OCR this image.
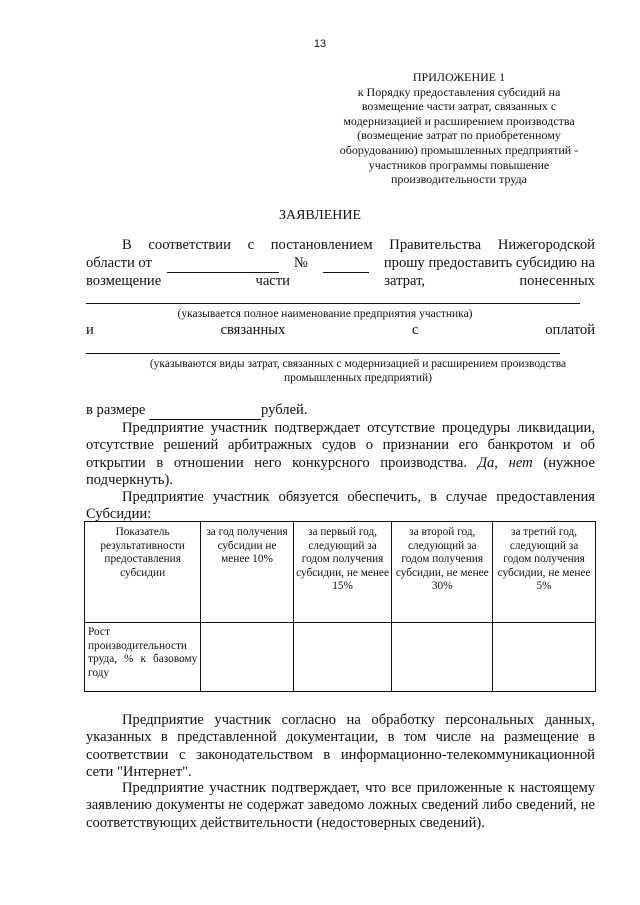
13
ПРИЛОЖЕНИЕ 1
к Порядку предоставления субсидий на
возмещение части затрат, связанных с
модернизацией и расширением производства
(возмещение затрат по приобретенному
оборудованию) промышленных предприятий -
участников программы повышение
производительности труда
ЗАЯВЛЕНИЕ
В соответствии с постановлением Правительства Нижегородской
области от
	№
	прошу предоставить субсидию на
возмещение	части	затрат,	понесенных
(указывается полное наименование предприятия участника)
и	связанных	с	оплатой
(указываются виды затрат, связанных с модернизацией и расширением производства промышленных предприятий)
в размере	рублей.
Предприятие участник подтверждает отсутствие процедуры ликвидации, отсутствие решений арбитражных судов о признании его банкротом и об открытии в отношении него конкурсного производства. Да, нет (нужное подчеркнуть).
Предприятие участник обязуется обеспечить, в случае предоставления Субсидии:
Показатель результативности предоставления субсидии	за год получения субсидии не менее 10%	за первый год, следующий за годом получения субсидии, не менее 15%	за второй год, следующий за годом получения субсидии, не менее 30%	за третий год, следующий за годом получения субсидии, не менее 5%
Рост производительности труда, % к базовому году				
Предприятие участник согласно на обработку персональных данных, указанных в представленной документации, в том числе на размещение в соответствии с законодательством в информационно-телекоммуникационной сети "Интернет".
Предприятие участник подтверждает, что все приложенные к настоящему заявлению документы не содержат заведомо ложных сведений либо сведений, не соответствующих действительности (недостоверных сведений).
